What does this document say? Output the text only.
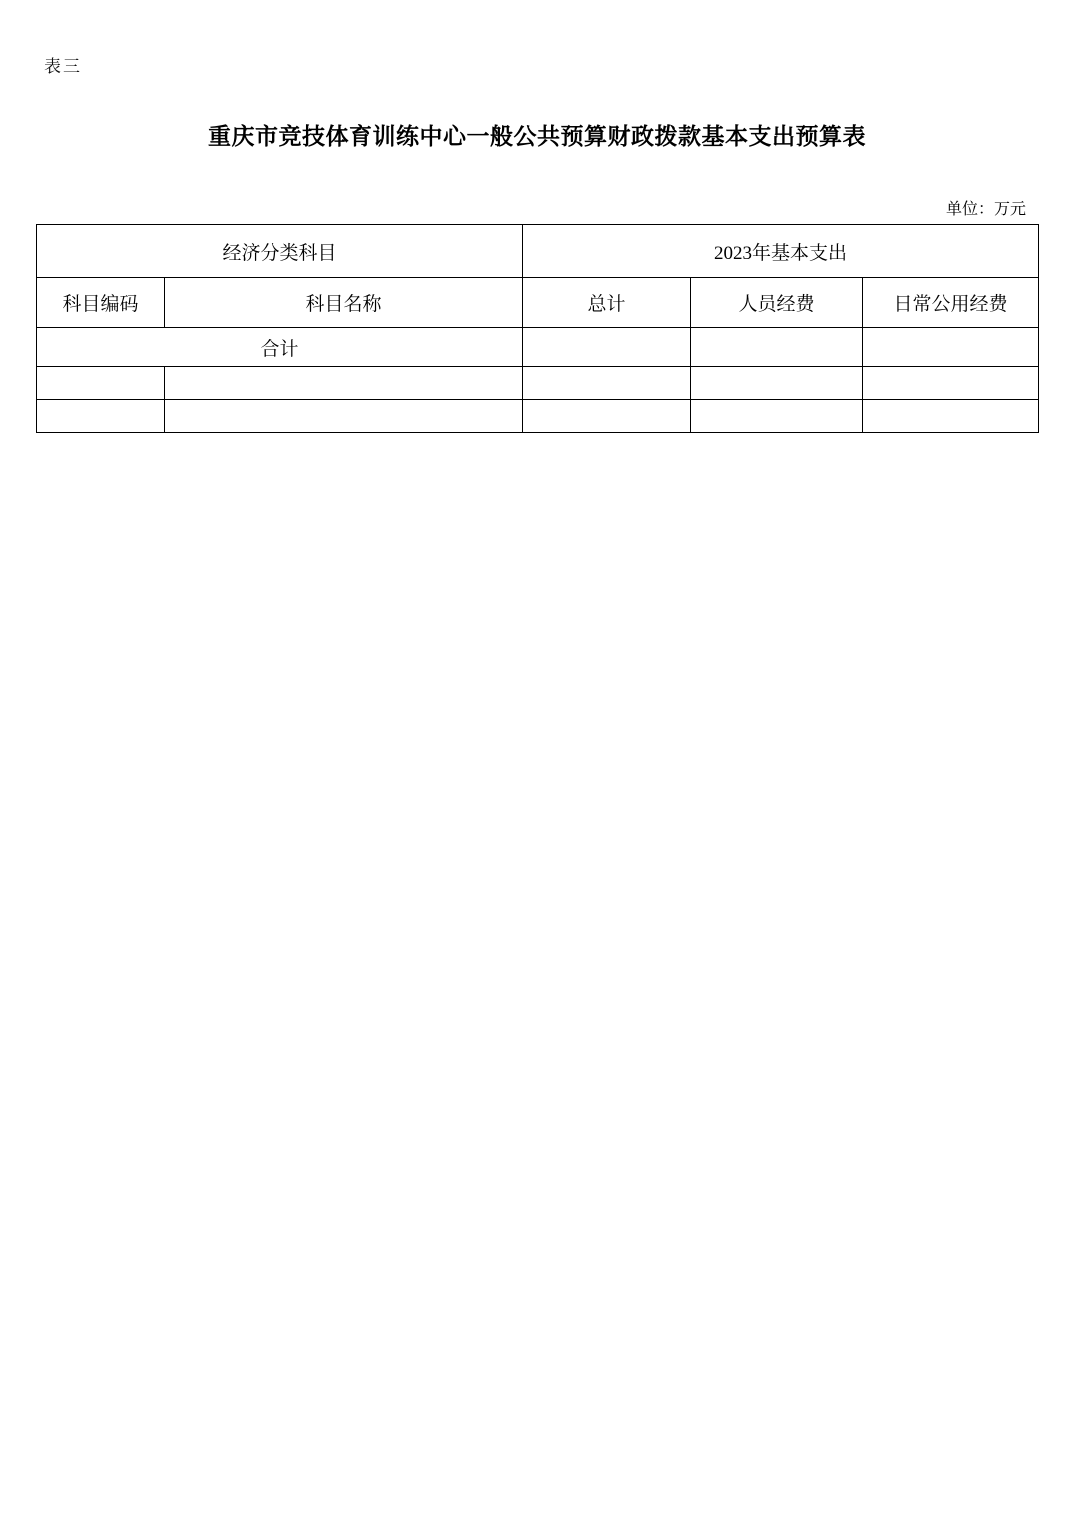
表三
重庆市竞技体育训练中心一般公共预算财政拨款基本支出预算表
单位：万元
经济分类科目		2023年基本支出		
科目编码	科目名称	总计	人员经费	日常公用经费
合计				
